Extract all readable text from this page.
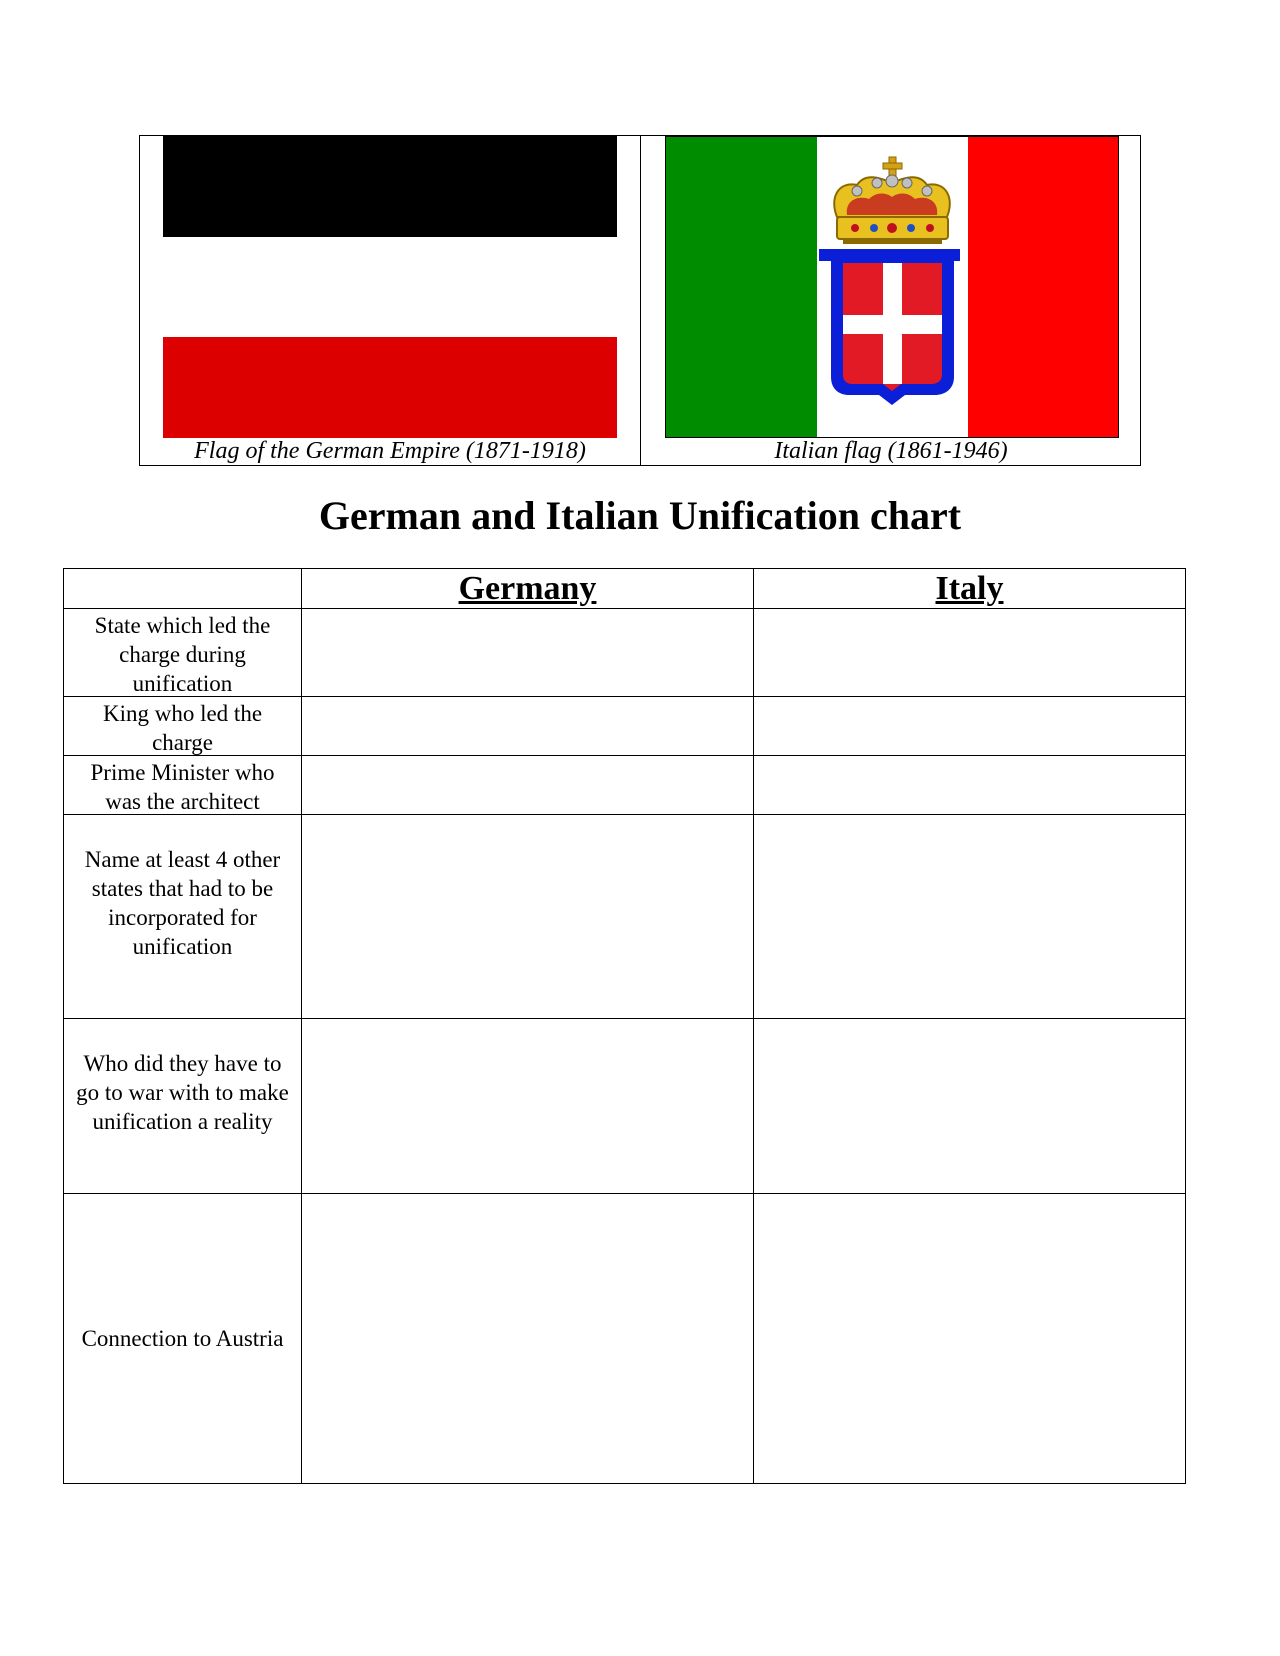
Flag of the German Empire (1871-1918)	Italian flag (1861-1946)
German and Italian Unification chart
Germany	Italy
State which led the charge during unification
King who led the charge
Prime Minister who was the architect
Name at least 4 other states that had to be incorporated for unification
Who did they have to go to war with to make unification a reality
Connection to Austria
